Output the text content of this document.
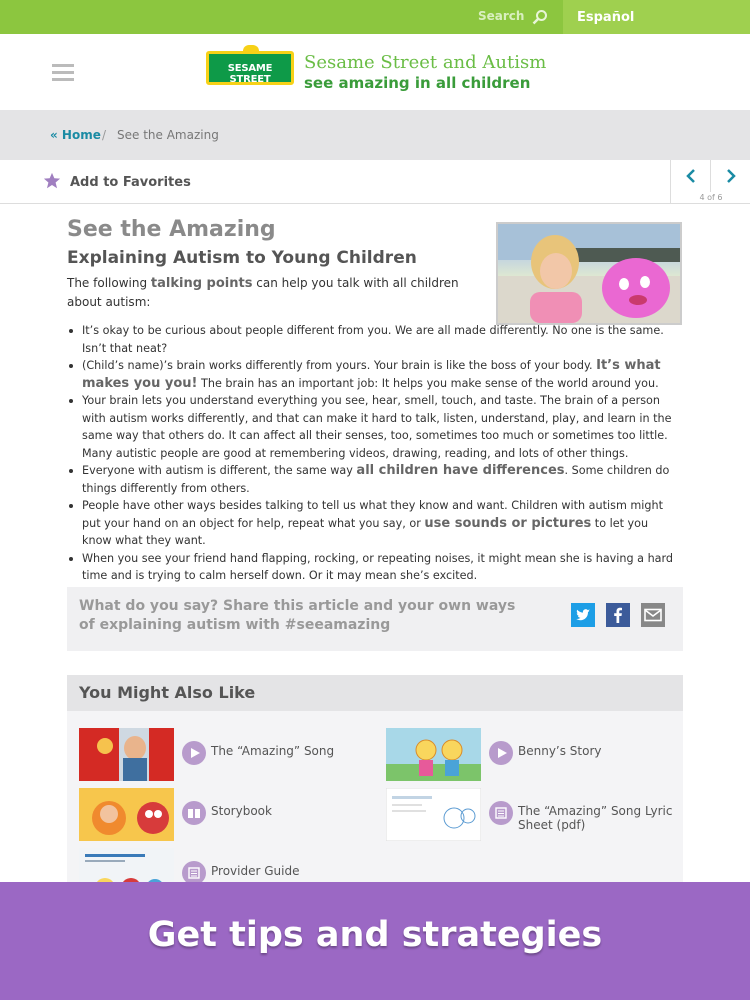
Search	Español
SESAME STREET
Sesame Street and Autism
see amazing in all children
« Home / See the Amazing
Add to Favorites
4 of 6
See the Amazing
Explaining Autism to Young Children

The following talking points can help you talk with all children about autism:

It’s okay to be curious about people different from you. We are all made differently. No one is the same. Isn’t that neat?
(Child’s name)’s brain works differently from yours. Your brain is like the boss of your body. It’s what makes you you! The brain has an important job: It helps you make sense of the world around you.
Your brain lets you understand everything you see, hear, smell, touch, and taste. The brain of a person with autism works differently, and that can make it hard to talk, listen, understand, play, and learn in the same way that others do. It can affect all their senses, too, sometimes too much or sometimes too little. Many autistic people are good at remembering videos, drawing, reading, and lots of other things.
Everyone with autism is different, the same way all children have differences. Some children do things differently from others.
People have other ways besides talking to tell us what they know and want. Children with autism might put your hand on an object for help, repeat what you say, or use sounds or pictures to let you know what they want.
When you see your friend hand flapping, rocking, or repeating noises, it might mean she is having a hard time and is trying to calm herself down. Or it may mean she’s excited.
What do you say? Share this article and your own ways of explaining autism with #seeamazing
You Might Also Like
The “Amazing” Song	Benny’s Story
Storybook	The “Amazing” Song Lyric Sheet (pdf)
Provider Guide
Get tips and strategies
